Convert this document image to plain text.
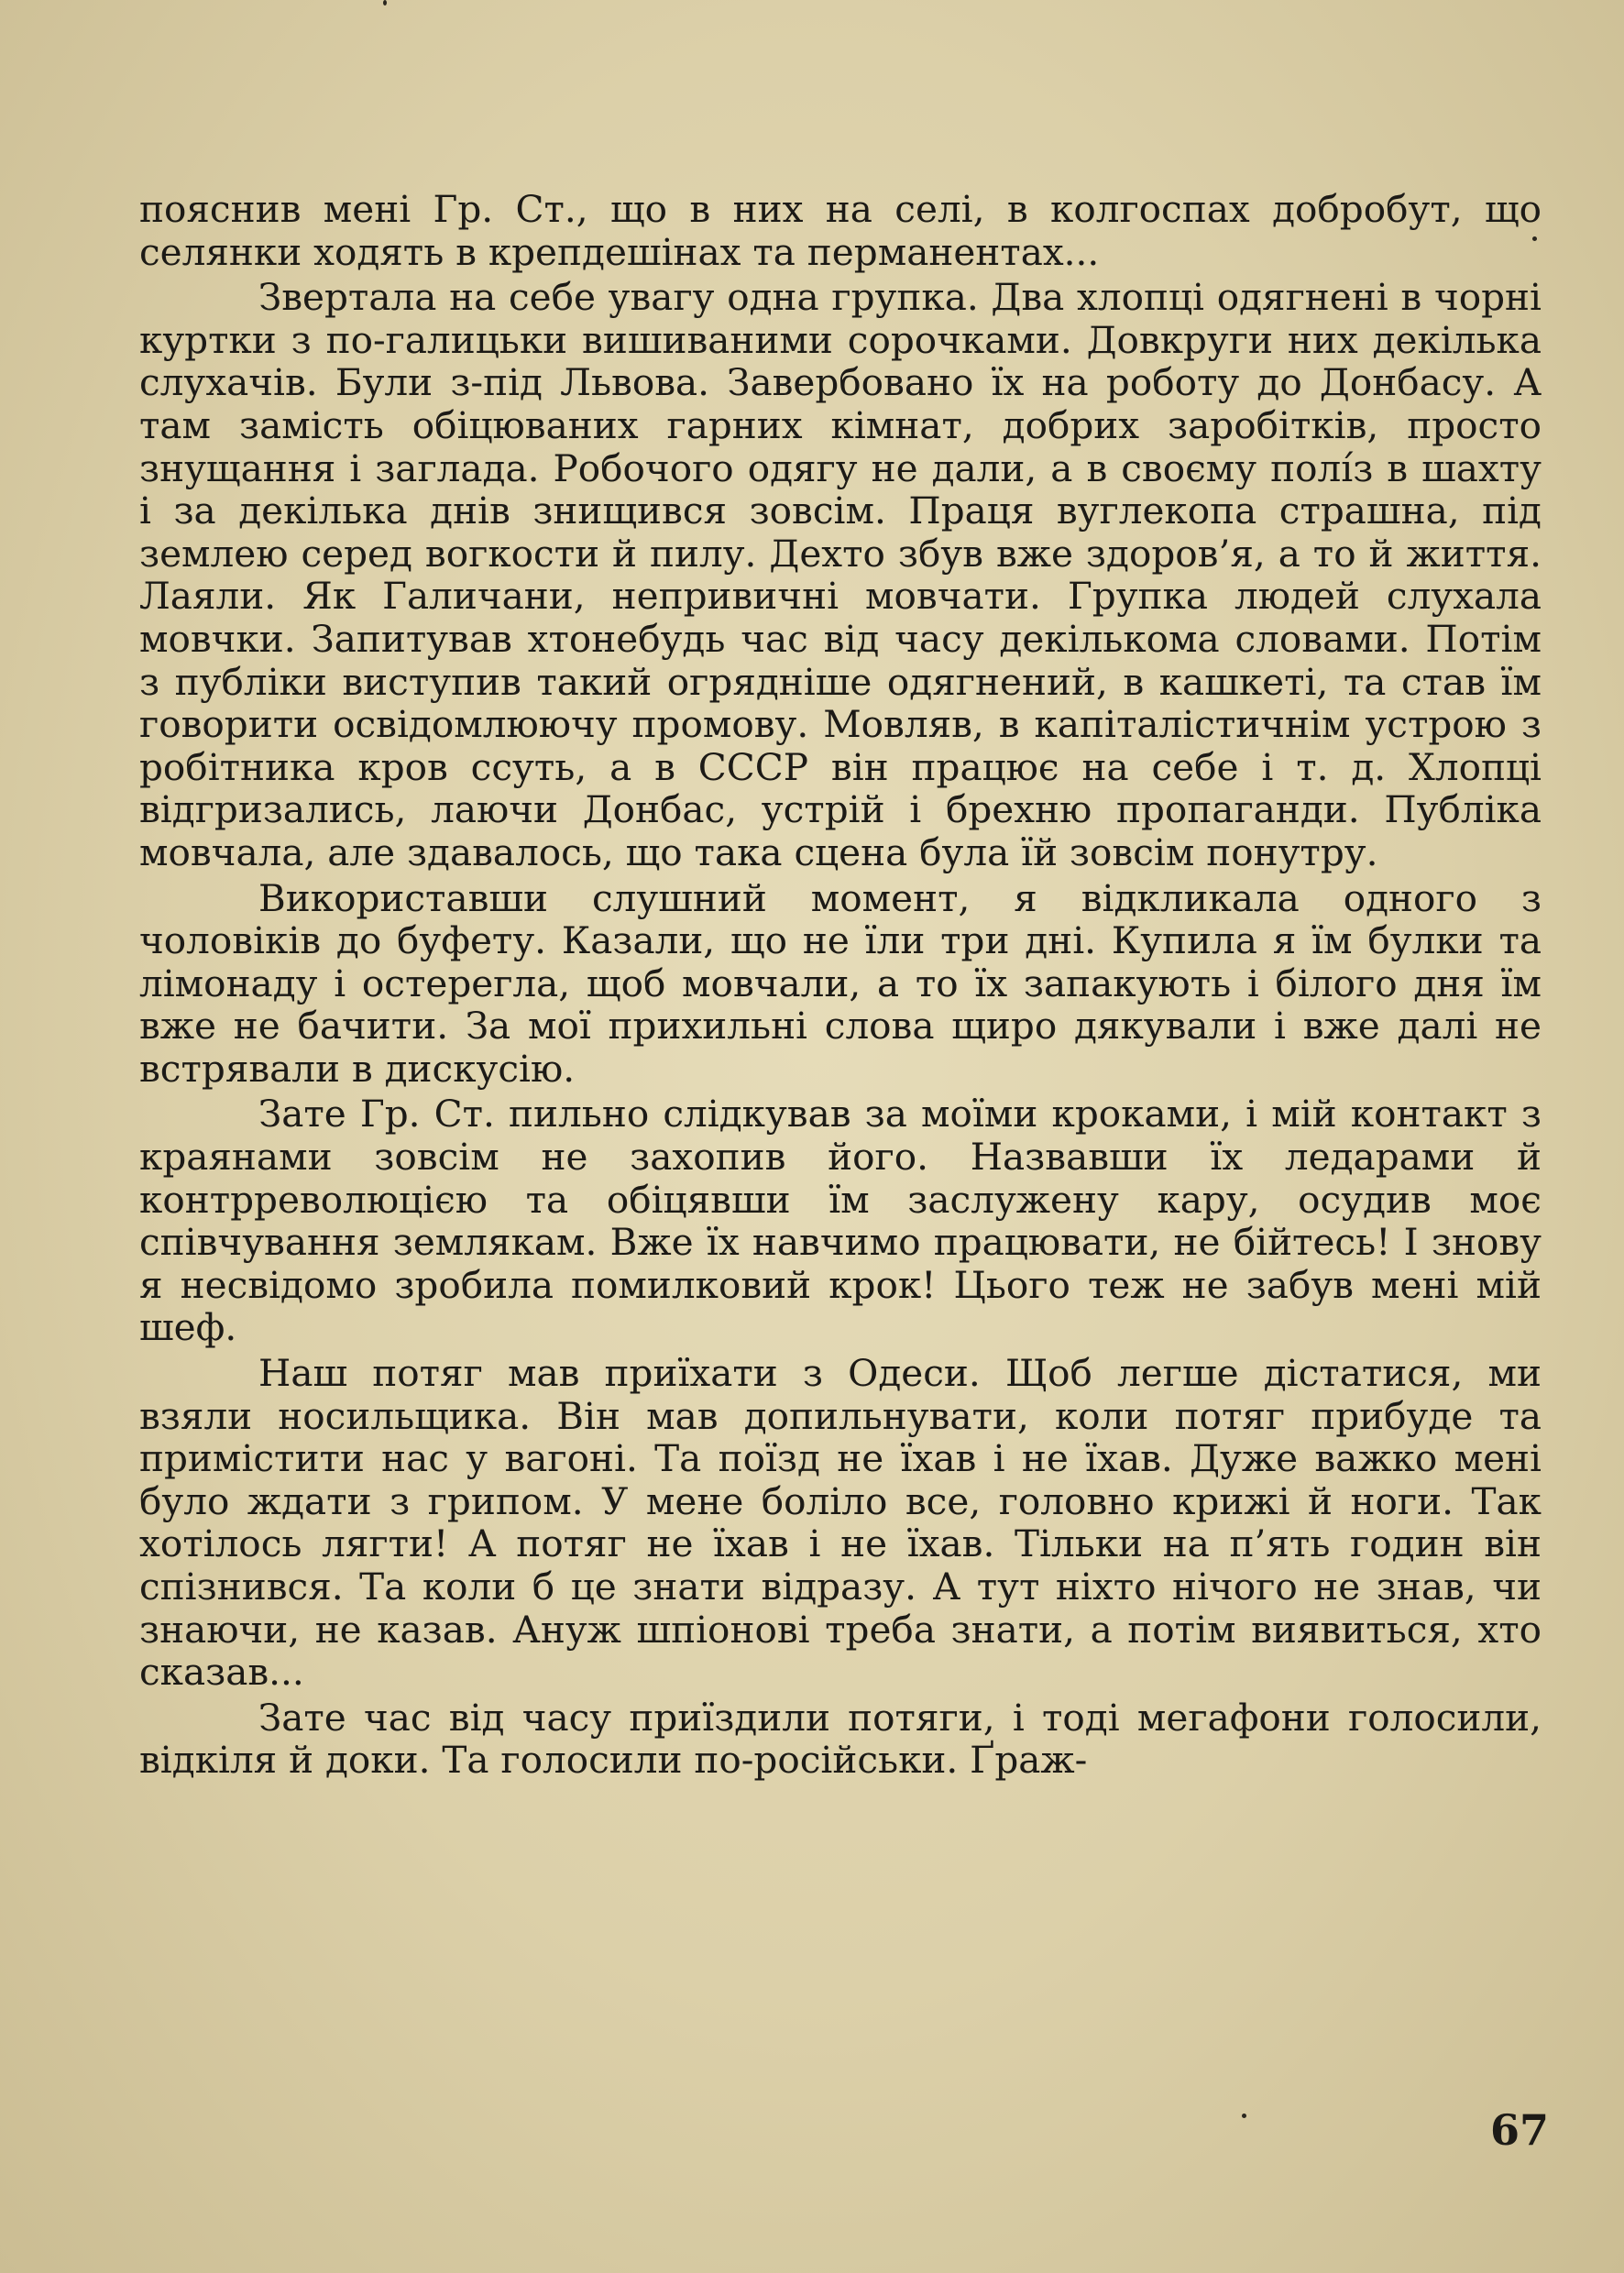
пояснив мені Гр. Ст., що в них на селі, в колгоспах добробут, що селянки ходять в крепдешінах та перманентах...

Звертала на себе увагу одна групка. Два хлопці одягнені в чорні куртки з по-галицьки вишиваними сорочками. Довкруги них декілька слухачів. Були з-під Львова. Завербовано їх на роботу до Донбасу. А там замість обіцюваних гарних кімнат, добрих заробітків, просто знущання і заглада. Робочого одягу не дали, а в своєму полі́з в шахту і за декілька днів знищився зовсім. Праця вуглекопа страшна, під землею серед вогкости й пилу. Дехто збув вже здоров’я, а то й життя. Лаяли. Як Галичани, непривичні мовчати. Групка людей слухала мовчки. Запитував хтонебудь час від часу декількома словами. Потім з публіки виступив такий огрядніше одягнений, в кашкеті, та став їм говорити освідомлюючу промову. Мовляв, в капіталістичнім устрою з робітника кров ссуть, а в СССР він працює на себе і т. д. Хлопці відгризались, лаючи Донбас, устрій і брехню пропаганди. Публіка мовчала, але здавалось, що така сцена була їй зовсім понутру.

Використавши слушний момент, я відкликала одного з чоловіків до буфету. Казали, що не їли три дні. Купила я їм булки та лімонаду і остерегла, щоб мовчали, а то їх запакують і білого дня їм вже не бачити. За мої прихильні слова щиро дякували і вже далі не встрявали в дискусію.

Зате Гр. Ст. пильно слідкував за моїми кроками, і мій контакт з краянами зовсім не захопив його. Назвавши їх ледарами й контрреволюцією та обіцявши їм заслужену кару, осудив моє співчування землякам. Вже їх навчимо працювати, не бійтесь! І знову я несвідомо зробила помилковий крок! Цього теж не забув мені мій шеф.

Наш потяг мав приїхати з Одеси. Щоб легше дістатися, ми взяли носильщика. Він мав допильнувати, коли потяг прибуде та примістити нас у вагоні. Та поїзд не їхав і не їхав. Дуже важко мені було ждати з грипом. У мене боліло все, головно крижі й ноги. Так хотілось лягти! А потяг не їхав і не їхав. Тільки на п’ять годин він спізнився. Та коли б це знати відразу. А тут ніхто нічого не знав, чи знаючи, не казав. Ануж шпіонові треба знати, а потім виявиться, хто сказав...

Зате час від часу приїздили потяги, і тоді мегафони голосили, відкіля й доки. Та голосили по-російськи. Ґраж-

67
